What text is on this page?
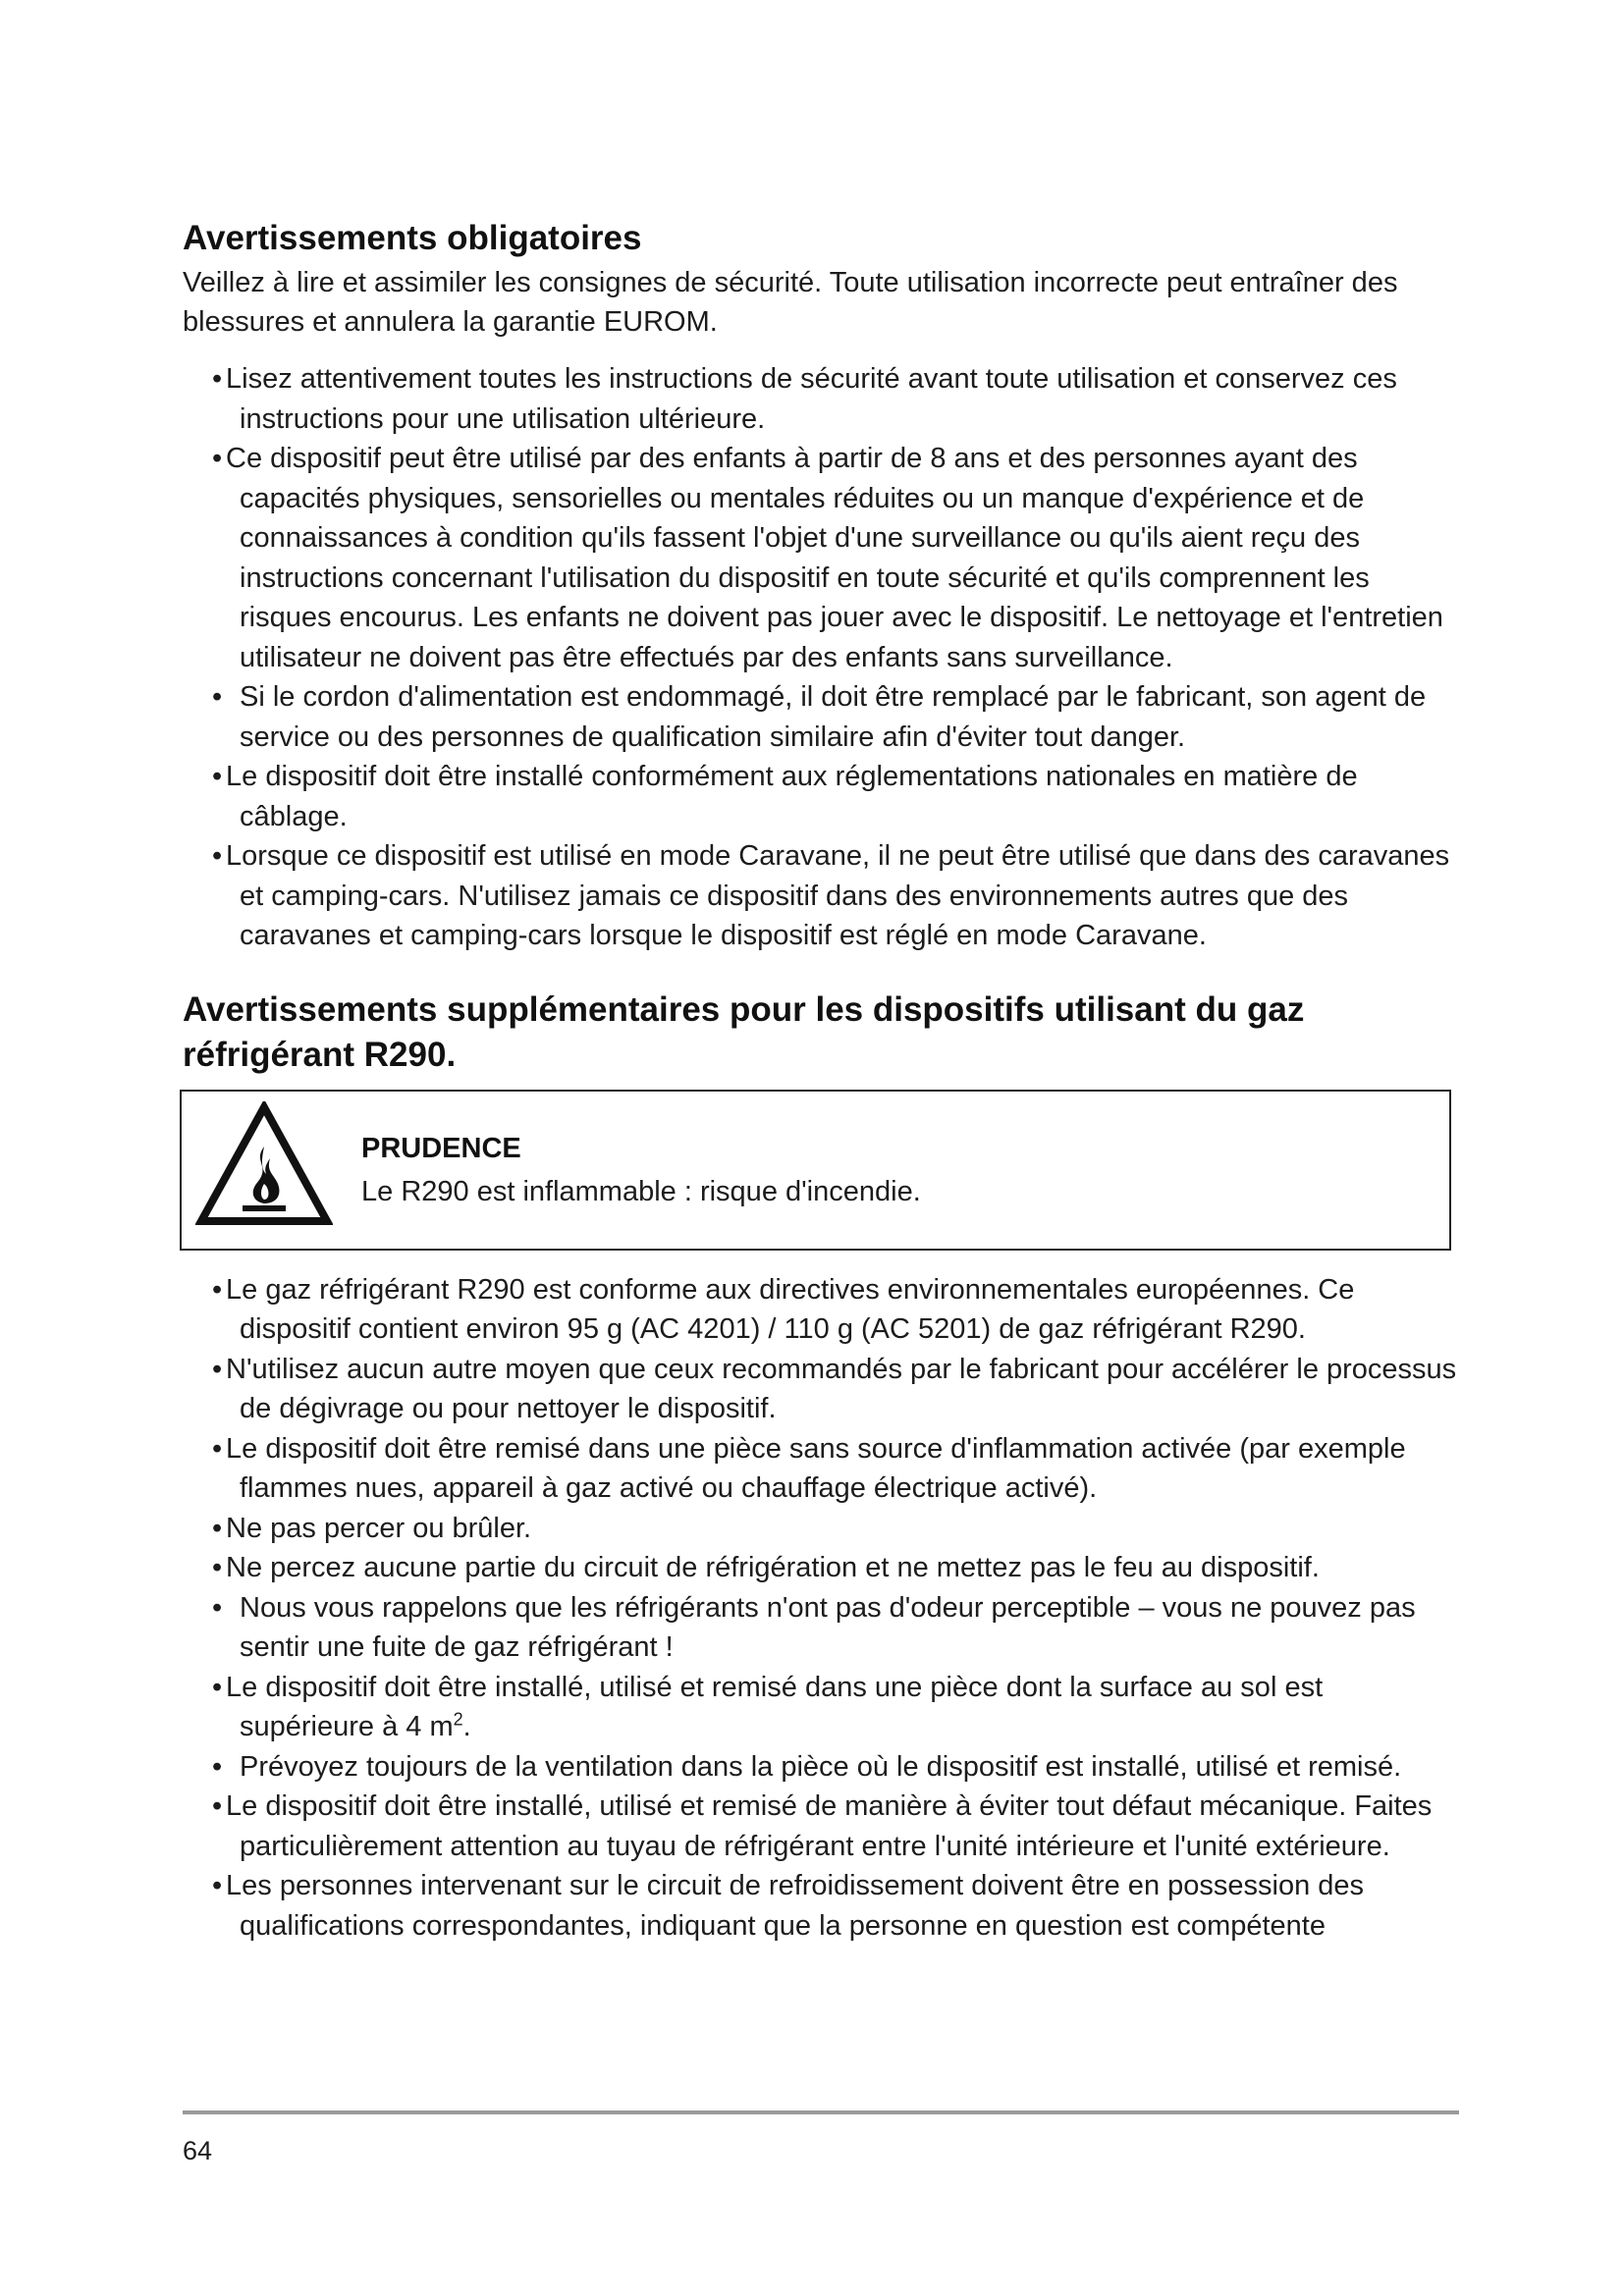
Avertissements obligatoires

Veillez à lire et assimiler les consignes de sécurité. Toute utilisation incorrecte peut entraîner des blessures et annulera la garantie EUROM.

• Lisez attentivement toutes les instructions de sécurité avant toute utilisation et conservez ces instructions pour une utilisation ultérieure.
• Ce dispositif peut être utilisé par des enfants à partir de 8 ans et des personnes ayant des capacités physiques, sensorielles ou mentales réduites ou un manque d'expérience et de connaissances à condition qu'ils fassent l'objet d'une surveillance ou qu'ils aient reçu des instructions concernant l'utilisation du dispositif en toute sécurité et qu'ils comprennent les risques encourus. Les enfants ne doivent pas jouer avec le dispositif. Le nettoyage et l'entretien utilisateur ne doivent pas être effectués par des enfants sans surveillance.
• Si le cordon d'alimentation est endommagé, il doit être remplacé par le fabricant, son agent de service ou des personnes de qualification similaire afin d'éviter tout danger.
• Le dispositif doit être installé conformément aux réglementations nationales en matière de câblage.
• Lorsque ce dispositif est utilisé en mode Caravane, il ne peut être utilisé que dans des caravanes et camping-cars. N'utilisez jamais ce dispositif dans des environnements autres que des caravanes et camping-cars lorsque le dispositif est réglé en mode Caravane.
Avertissements supplémentaires pour les dispositifs utilisant du gaz réfrigérant R290.
PRUDENCE
Le R290 est inflammable : risque d'incendie.
• Le gaz réfrigérant R290 est conforme aux directives environnementales européennes. Ce dispositif contient environ 95 g (AC 4201) / 110 g (AC 5201) de gaz réfrigérant R290.
• N'utilisez aucun autre moyen que ceux recommandés par le fabricant pour accélérer le processus de dégivrage ou pour nettoyer le dispositif.
• Le dispositif doit être remisé dans une pièce sans source d'inflammation activée (par exemple flammes nues, appareil à gaz activé ou chauffage électrique activé).
• Ne pas percer ou brûler.
• Ne percez aucune partie du circuit de réfrigération et ne mettez pas le feu au dispositif.
• Nous vous rappelons que les réfrigérants n'ont pas d'odeur perceptible – vous ne pouvez pas sentir une fuite de gaz réfrigérant !
• Le dispositif doit être installé, utilisé et remisé dans une pièce dont la surface au sol est supérieure à 4 $m^2$.
• Prévoyez toujours de la ventilation dans la pièce où le dispositif est installé, utilisé et remisé.
• Le dispositif doit être installé, utilisé et remisé de manière à éviter tout défaut mécanique. Faites particulièrement attention au tuyau de réfrigérant entre l'unité intérieure et l'unité extérieure.
• Les personnes intervenant sur le circuit de refroidissement doivent être en possession des qualifications correspondantes, indiquant que la personne en question est compétente
64
